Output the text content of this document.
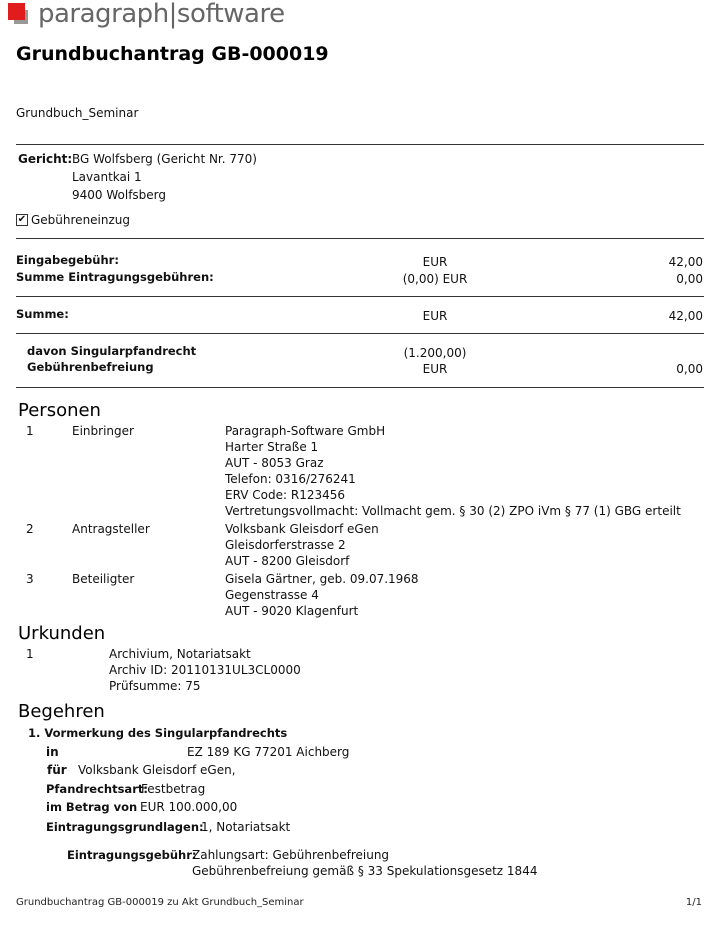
paragraph|software
Grundbuchantrag GB-000019
Grundbuch_Seminar
Gericht: BG Wolfsberg (Gericht Nr. 770)
Lavantkai 1
9400 Wolfsberg
✔ Gebühreneinzug
Eingabegebühr:	EUR	42,00
Summe Eintragungsgebühren:	(0,00) EUR	0,00
Summe:	EUR	42,00
davon Singularpfandrecht	(1.200,00)
Gebührenbefreiung	EUR	0,00
Personen
1	Einbringer	Paragraph-Software GmbH
Harter Straße 1
AUT - 8053 Graz
Telefon: 0316/276241
ERV Code: R123456
Vertretungsvollmacht: Vollmacht gem. § 30 (2) ZPO iVm § 77 (1) GBG erteilt
2	Antragsteller	Volksbank Gleisdorf eGen
Gleisdorferstrasse 2
AUT - 8200 Gleisdorf
3	Beteiligter	Gisela Gärtner, geb. 09.07.1968
Gegenstrasse 4
AUT - 9020 Klagenfurt
Urkunden
1	Archivium, Notariatsakt
Archiv ID: 20110131UL3CL0000
Prüfsumme: 75
Begehren
1. Vormerkung des Singularpfandrechts
in	EZ 189 KG 77201 Aichberg
für Volksbank Gleisdorf eGen,
Pfandrechtsart:
Festbetrag
im Betrag von EUR 100.000,00
Eintragungsgrundlagen:
1, Notariatsakt
Eintragungsgebühr:
Zahlungsart: Gebührenbefreiung
Gebührenbefreiung gemäß § 33 Spekulationsgesetz 1844
Grundbuchantrag GB-000019 zu Akt Grundbuch_Seminar	1/1
